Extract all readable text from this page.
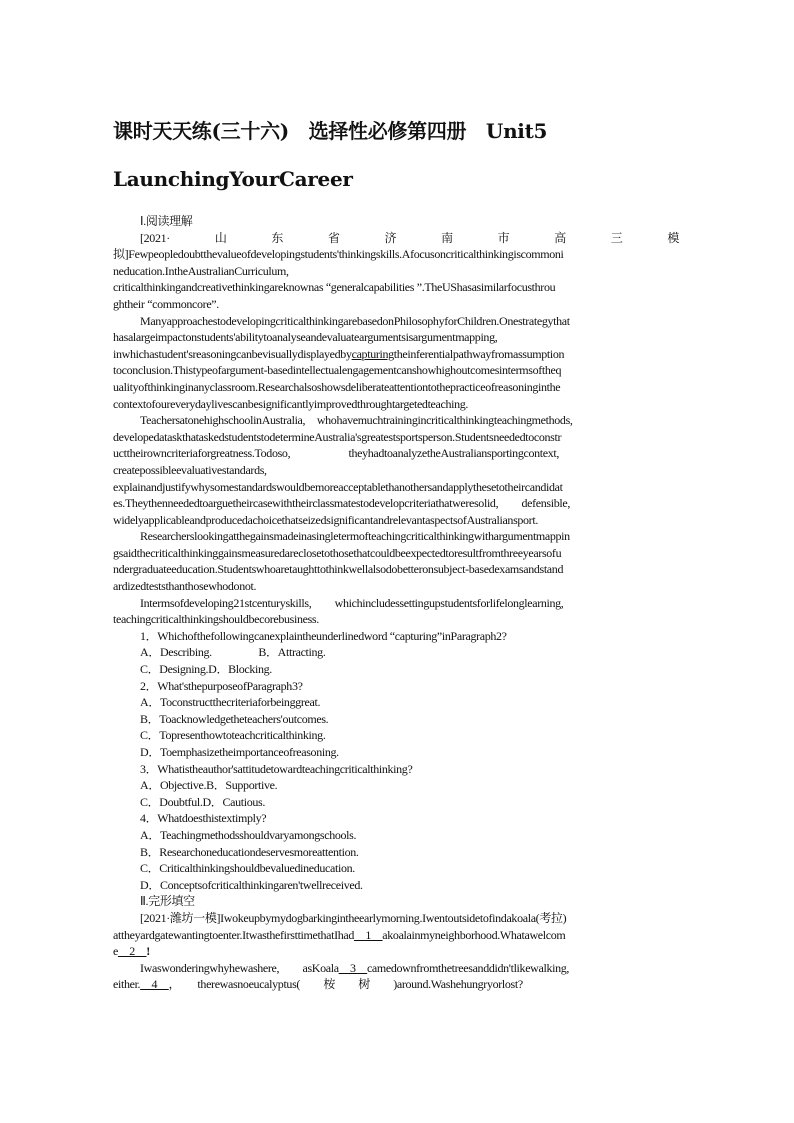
课时天天练(三十六)　选择性必修第四册　Unit5
LaunchingYourCareer

Ⅰ.阅读理解

[2021·	山	东	省	济	南	市	高	三	模

拟]Fewpeopledoubtthevalueofdevelopingstudents'thinkingskills.Afocusoncriticalthinkingiscommoni

neducation.IntheAustralianCurriculum,

criticalthinkingandcreativethinkingareknownas “generalcapabilities ”.TheUShasasimilarfocusthrou

ghtheir “commoncore”.

ManyapproachestodevelopingcriticalthinkingarebasedonPhilosophyforChildren.Onestrategythat

hasalargeimpactonstudents'abilitytoanalyseandevaluateargumentsisargumentmapping,

inwhichastudent'sreasoningcanbevisuallydisplayedbycapturingtheinferentialpathwayfromassumption

toconclusion.Thistypeofargument-basedintellectualengagementcanshowhighoutcomesintermsoftheq

ualityofthinkinginanyclassroom.Researchalsoshowsdeliberateattentiontothepracticeofreasoninginthe

contextofoureverydaylivescanbesignificantlyimprovedthroughtargetedteaching.

TeachersatonehighschoolinAustralia,　whohavemuchtrainingincriticalthinkingteachingmethods,

developedataskthataskedstudentstodetermineAustralia'sgreatestsportsperson.Studentsneededtoconstr

ucttheirowncriteriaforgreatness.Todoso,　　　　　theyhadtoanalyzetheAustraliansportingcontext,

createpossibleevaluativestandards,

explainandjustifywhysomestandardswouldbemoreacceptablethanothersandapplythesetotheircandidat

es.Theythenneededtoarguetheircasewiththeirclassmatestodevelopcriteriathatweresolid,　　defensible,

widelyapplicableandproducedachoicethatseizedsignificantandrelevantaspectsofAustraliansport.

Researcherslookingatthegainsmadeinasingletermofteachingcriticalthinkingwithargumentmappin

gsaidthecriticalthinkinggainsmeasuredareclosetothosethatcouldbeexpectedtoresultfromthreeyearsofu

ndergraduateeducation.Studentswhoaretaughttothinkwellalsodobetteronsubject-basedexamsandstand

ardizedteststhanthosewhodonot.

Intermsofdeveloping21stcenturyskills,　　whichincludessettingupstudentsforlifelonglearning,

teachingcriticalthinkingshouldbecorebusiness.

1．Whichofthefollowingcanexplaintheunderlinedword “capturing”inParagraph2?

A．Describing.　　　　B．Attracting.

C．Designing.D．Blocking.

2．What'sthepurposeofParagraph3?

A．Toconstructthecriteriaforbeinggreat.

B．Toacknowledgetheteachers'outcomes.

C．Topresenthowtoteachcriticalthinking.

D．Toemphasizetheimportanceofreasoning.

3．Whatistheauthor'sattitudetowardteachingcriticalthinking?

A．Objective.B．Supportive.

C．Doubtful.D．Cautious.

4．Whatdoesthistextimply?

A．Teachingmethodsshouldvaryamongschools.

B．Researchoneducationdeservesmoreattention.

C．Criticalthinkingshouldbevaluedineducation.

D．Conceptsofcriticalthinkingaren'twellreceived.

Ⅱ.完形填空

[2021·潍坊一模]Iwokeupbymydogbarkingintheearlymorning.Iwentoutsidetofindakoala(考拉)

attheyardgatewantingtoenter.ItwasthefirsttimethatIhad__1__akoalainmyneighborhood.Whatawelcom

e__2__!

Iwaswonderingwhyhewashere,　　asKoala__3__camedownfromthetreesanddidn'tlikewalking,

either.__4__，　　therewasnoeucalyptus(　　桉　　树　　)around.Washehungryorlost?
